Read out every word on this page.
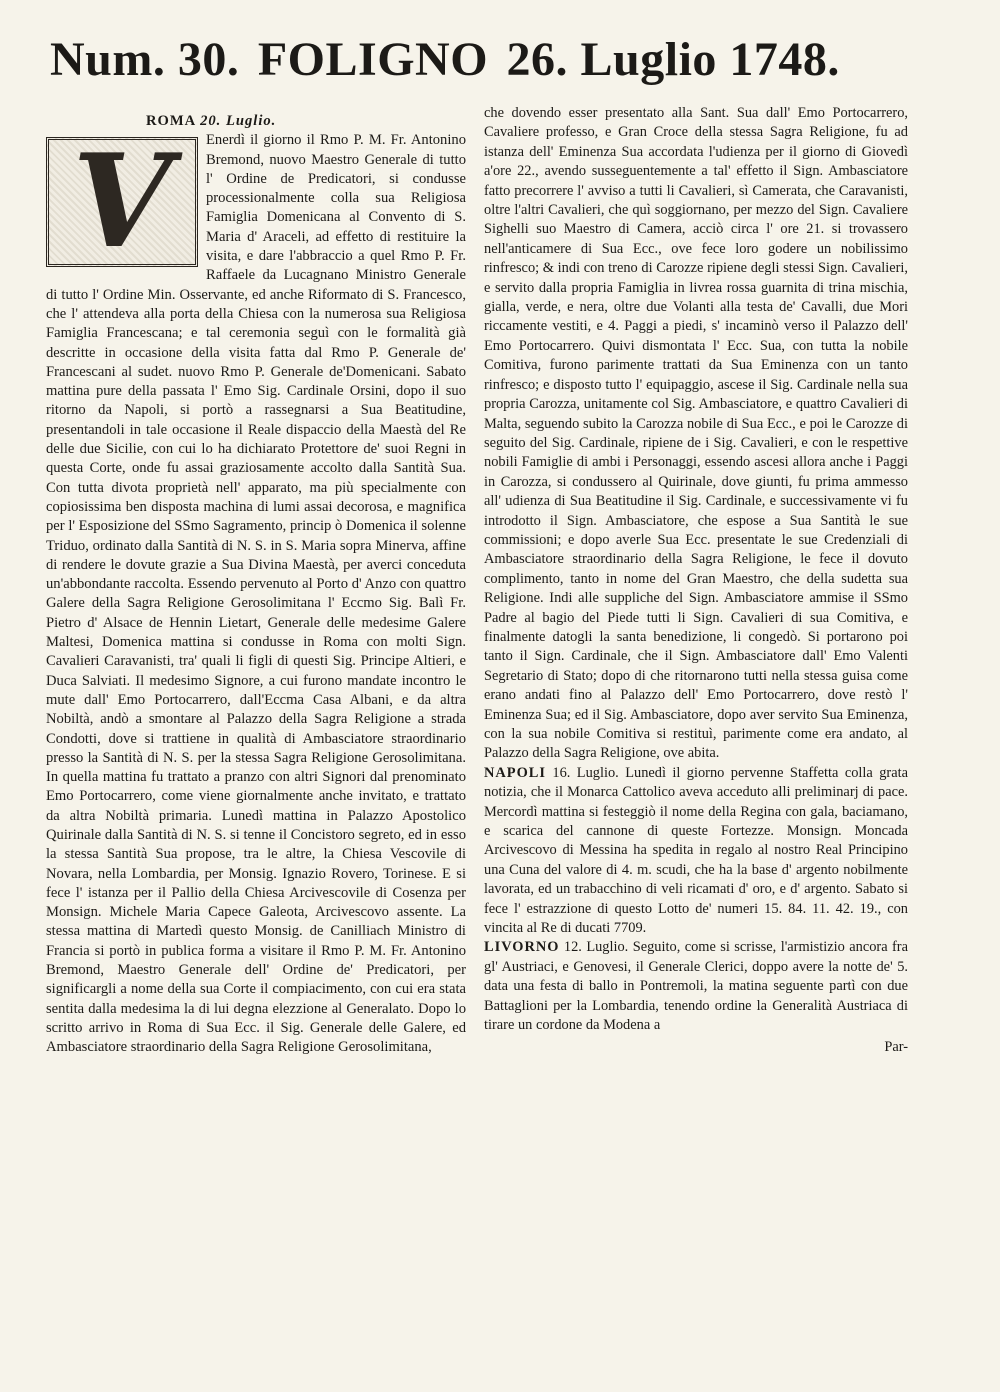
Num. 30. FOLIGNO 26. Luglio 1748.

ROMA 20. Luglio.

V	Enerdì il giorno il Rmo P. M. Fr. Antonino Bremond, nuovo Maestro Generale di tutto l' Ordine de Predicatori, si condusse processionalmente colla sua Religiosa Famiglia Domenicana al Convento di S. Maria d' Araceli, ad effetto di restituire la visita, e dare l'abbraccio a quel Rmo P. Fr. Raffaele da Lucagnano Ministro Generale di tutto l' Ordine Min. Osservante, ed anche Riformato di S. Francesco, che l' attendeva alla porta della Chiesa con la numerosa sua Religiosa Famiglia Francescana; e tal ceremonia seguì con le formalità già descritte in occasione della visita fatta dal Rmo P. Generale de' Francescani al sudet. nuovo Rmo P. Generale de'Domenicani. Sabato mattina pure della passata l' Emo Sig. Cardinale Orsini, dopo il suo ritorno da Napoli, si portò a rassegnarsi a Sua Beatitudine, presentandoli in tale occasione il Reale dispaccio della Maestà del Re delle due Sicilie, con cui lo ha dichiarato Protettore de' suoi Regni in questa Corte, onde fu assai graziosamente accolto dalla Santità Sua. Con tutta divota proprietà nell' apparato, ma più specialmente con copiosissima ben disposta machina di lumi assai decorosa, e magnifica per l' Esposizione del SSmo Sagramento, princip ò Domenica il solenne Triduo, ordinato dalla Santità di N. S. in S. Maria sopra Minerva, affine di rendere le dovute grazie a Sua Divina Maestà, per averci conceduta un'abbondante raccolta. Essendo pervenuto al Porto d' Anzo con quattro Galere della Sagra Religione Gerosolimitana l' Eccmo Sig. Balì Fr. Pietro d' Alsace de Hennin Lietart, Generale delle medesime Galere Maltesi, Domenica mattina si condusse in Roma con molti Sign. Cavalieri Caravanisti, tra' quali li figli di questi Sig. Principe Altieri, e Duca Salviati. Il medesimo Signore, a cui furono mandate incontro le mute dall' Emo Portocarrero, dall'Eccma Casa Albani, e da altra Nobiltà, andò a smontare al Palazzo della Sagra Religione a strada Condotti, dove si trattiene in qualità di Ambasciatore straordinario presso la Santità di N. S. per la stessa Sagra Religione Gerosolimitana. In quella mattina fu trattato a pranzo con altri Signori dal prenominato Emo Portocarrero, come viene giornalmente anche invitato, e trattato da altra Nobiltà primaria. Lunedì mattina in Palazzo Apostolico Quirinale dalla Santità di N. S. si tenne il Concistoro segreto, ed in esso la stessa Santità Sua propose, tra le altre, la Chiesa Vescovile di Novara, nella Lombardia, per Monsig. Ignazio Rovero, Torinese. E si fece l' istanza per il Pallio della Chiesa Arcivescovile di Cosenza per Monsign. Michele Maria Capece Galeota, Arcivescovo assente. La stessa mattina di Martedì questo Monsig. de Canilliach Ministro di Francia si portò in publica forma a visitare il Rmo P. M. Fr. Antonino Bremond, Maestro Generale dell' Ordine de' Predicatori, per significargli a nome della sua Corte il compiacimento, con cui era stata sentita dalla medesima la di lui degna elezzione al Generalato. Dopo lo scritto arrivo in Roma di Sua Ecc. il Sig. Generale delle Galere, ed Ambasciatore straordinario della Sagra Religione Gerosolimitana,

che dovendo esser presentato alla Sant. Sua dall' Emo Portocarrero, Cavaliere professo, e Gran Croce della stessa Sagra Religione, fu ad istanza dell' Eminenza Sua accordata l'udienza per il giorno di Giovedì a'ore 22., avendo susseguentemente a tal' effetto il Sign. Ambasciatore fatto precorrere l' avviso a tutti li Cavalieri, sì Camerata, che Caravanisti, oltre l'altri Cavalieri, che quì soggiornano, per mezzo del Sign. Cavaliere Sighelli suo Maestro di Camera, acciò circa l' ore 21. si trovassero nell'anticamere di Sua Ecc., ove fece loro godere un nobilissimo rinfresco; & indi con treno di Carozze ripiene degli stessi Sign. Cavalieri, e servito dalla propria Famiglia in livrea rossa guarnita di trina mischia, gialla, verde, e nera, oltre due Volanti alla testa de' Cavalli, due Mori riccamente vestiti, e 4. Paggi a piedi, s' incaminò verso il Palazzo dell' Emo Portocarrero. Quivi dismontata l' Ecc. Sua, con tutta la nobile Comitiva, furono parimente trattati da Sua Eminenza con un tanto rinfresco; e disposto tutto l' equipaggio, ascese il Sig. Cardinale nella sua propria Carozza, unitamente col Sig. Ambasciatore, e quattro Cavalieri di Malta, seguendo subito la Carozza nobile di Sua Ecc., e poi le Carozze di seguito del Sig. Cardinale, ripiene de i Sig. Cavalieri, e con le respettive nobili Famiglie di ambi i Personaggi, essendo ascesi allora anche i Paggi in Carozza, si condussero al Quirinale, dove giunti, fu prima ammesso all' udienza di Sua Beatitudine il Sig. Cardinale, e successivamente vi fu introdotto il Sign. Ambasciatore, che espose a Sua Santità le sue commissioni; e dopo averle Sua Ecc. presentate le sue Credenziali di Ambasciatore straordinario della Sagra Religione, le fece il dovuto complimento, tanto in nome del Gran Maestro, che della sudetta sua Religione. Indi alle suppliche del Sign. Ambasciatore ammise il SSmo Padre al bagio del Piede tutti li Sign. Cavalieri di sua Comitiva, e finalmente datogli la santa benedizione, li congedò. Si portarono poi tanto il Sign. Cardinale, che il Sign. Ambasciatore dall' Emo Valenti Segretario di Stato; dopo di che ritornarono tutti nella stessa guisa come erano andati fino al Palazzo dell' Emo Portocarrero, dove restò l' Eminenza Sua; ed il Sig. Ambasciatore, dopo aver servito Sua Eminenza, con la sua nobile Comitiva si restituì, parimente come era andato, al Palazzo della Sagra Religione, ove abita.

NAPOLI 16. Luglio. Lunedì il giorno pervenne Staffetta colla grata notizia, che il Monarca Cattolico aveva acceduto alli preliminarj di pace. Mercordì mattina si festeggiò il nome della Regina con gala, baciamano, e scarica del cannone di queste Fortezze. Monsign. Moncada Arcivescovo di Messina ha spedita in regalo al nostro Real Principino una Cuna del valore di 4. m. scudi, che ha la base d' argento nobilmente lavorata, ed un trabacchino di veli ricamati d' oro, e d' argento. Sabato si fece l' estrazzione di questo Lotto de' numeri 15. 84. 11. 42. 19., con vincita al Re di ducati 7709.

LIVORNO 12. Luglio. Seguito, come si scrisse, l'armistizio ancora fra gl' Austriaci, e Genovesi, il Generale Clerici, doppo avere la notte de' 5. data una festa di ballo in Pontremoli, la matina seguente partì con due Battaglioni per la Lombardia, tenendo ordine la Generalità Austriaca di tirare un cordone da Modena a

Par-
